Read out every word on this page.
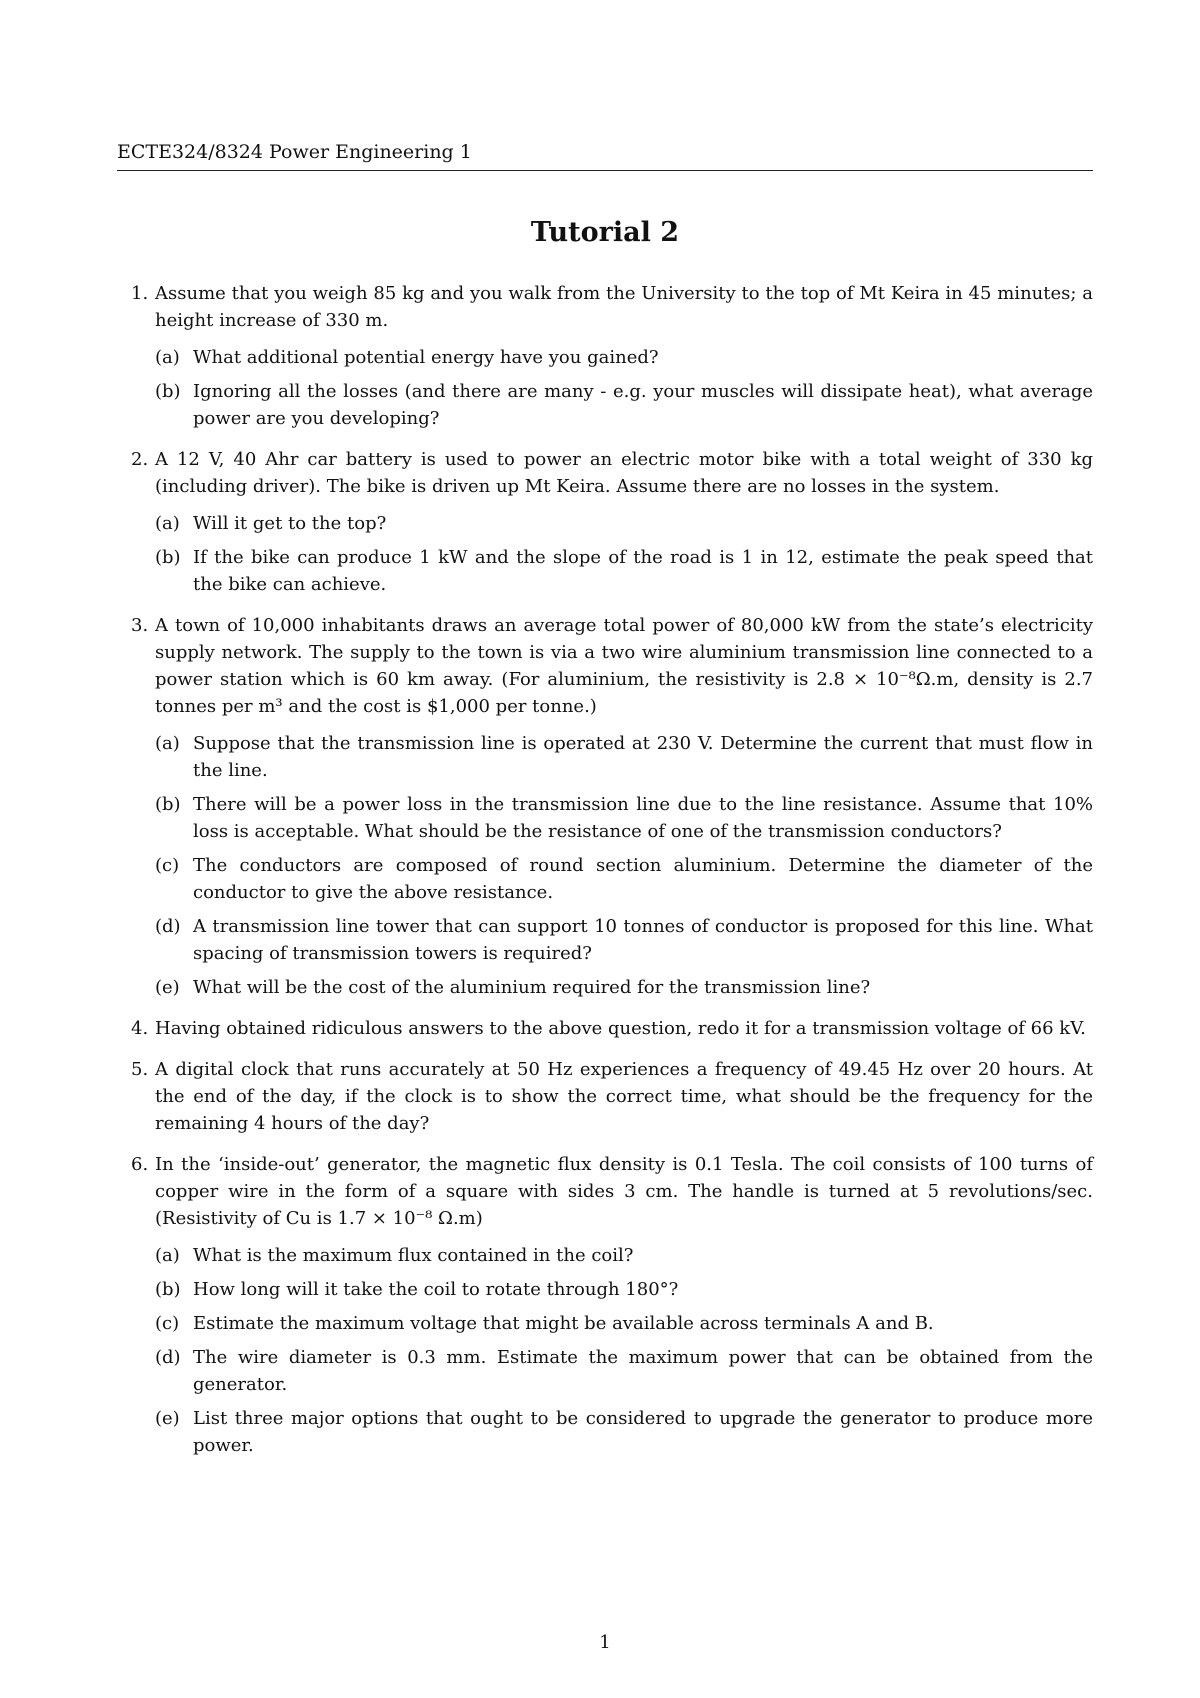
ECTE324/8324 Power Engineering 1
Tutorial 2
1. Assume that you weigh 85 kg and you walk from the University to the top of Mt Keira in 45 minutes; a height increase of 330 m.
(a) What additional potential energy have you gained?
(b) Ignoring all the losses (and there are many - e.g. your muscles will dissipate heat), what average power are you developing?
2. A 12 V, 40 Ahr car battery is used to power an electric motor bike with a total weight of 330 kg (including driver). The bike is driven up Mt Keira. Assume there are no losses in the system.
(a) Will it get to the top?
(b) If the bike can produce 1 kW and the slope of the road is 1 in 12, estimate the peak speed that the bike can achieve.
3. A town of 10,000 inhabitants draws an average total power of 80,000 kW from the state’s electricity supply network. The supply to the town is via a two wire aluminium transmission line connected to a power station which is 60 km away. (For aluminium, the resistivity is 2.8 × 10⁻⁸Ω.m, density is 2.7 tonnes per m³ and the cost is $1,000 per tonne.)
(a) Suppose that the transmission line is operated at 230 V. Determine the current that must flow in the line.
(b) There will be a power loss in the transmission line due to the line resistance. Assume that 10% loss is acceptable. What should be the resistance of one of the transmission conductors?
(c) The conductors are composed of round section aluminium. Determine the diameter of the conductor to give the above resistance.
(d) A transmission line tower that can support 10 tonnes of conductor is proposed for this line. What spacing of transmission towers is required?
(e) What will be the cost of the aluminium required for the transmission line?
4. Having obtained ridiculous answers to the above question, redo it for a transmission voltage of 66 kV.
5. A digital clock that runs accurately at 50 Hz experiences a frequency of 49.45 Hz over 20 hours. At the end of the day, if the clock is to show the correct time, what should be the frequency for the remaining 4 hours of the day?
6. In the ‘inside-out’ generator, the magnetic flux density is 0.1 Tesla. The coil consists of 100 turns of copper wire in the form of a square with sides 3 cm. The handle is turned at 5 revolutions/sec. (Resistivity of Cu is 1.7 × 10⁻⁸ Ω.m)
(a) What is the maximum flux contained in the coil?
(b) How long will it take the coil to rotate through 180°?
(c) Estimate the maximum voltage that might be available across terminals A and B.
(d) The wire diameter is 0.3 mm. Estimate the maximum power that can be obtained from the generator.
(e) List three major options that ought to be considered to upgrade the generator to produce more power.
1
